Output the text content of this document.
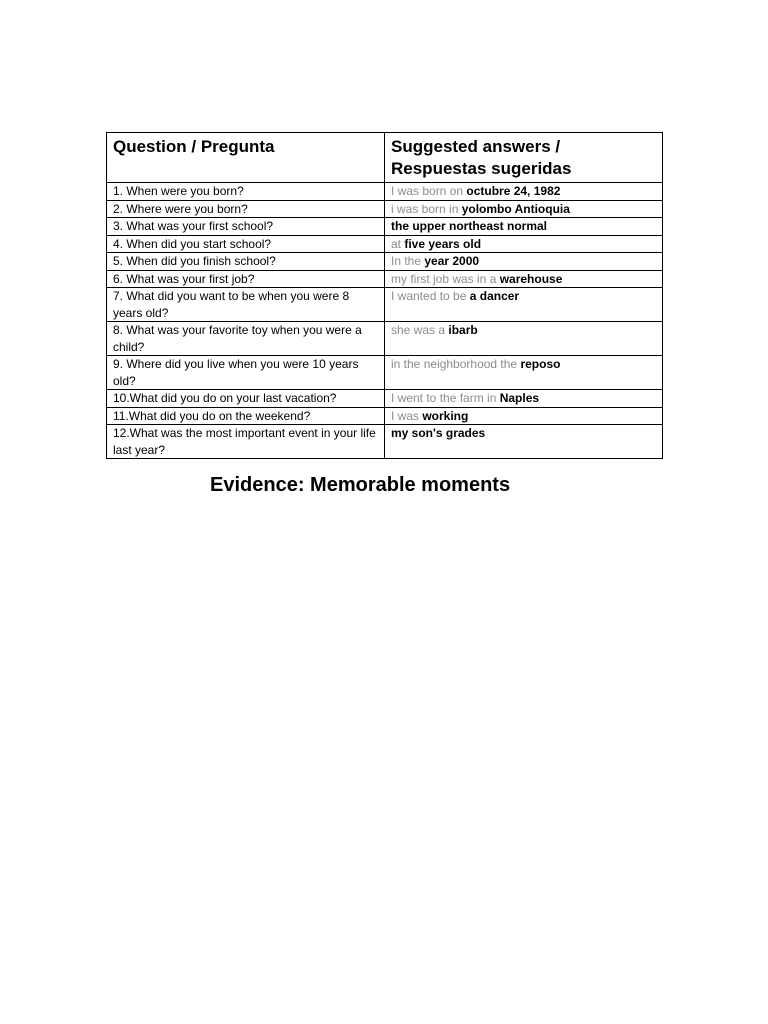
Question / Pregunta	Suggested answers /
Respuestas sugeridas
1. When were you born?	I was born on octubre 24, 1982
2. Where were you born?	i was born in yolombo Antioquia
3. What was your first school?	the upper northeast normal
4. When did you start school?	at five years old
5. When did you finish school?	In the year 2000
6. What was your first job?	my first job was in a warehouse
7. What did you want to be when you were 8 years old?	I wanted to be a dancer
8. What was your favorite toy when you were a child?	she was a ibarb
9. Where did you live when you were 10 years old?	in the neighborhood the reposo
10.What did you do on your last vacation?	I went to the farm in Naples
11.What did you do on the weekend?	I was working
12.What was the most important event in your life last year?	my son's grades
Evidence: Memorable moments
